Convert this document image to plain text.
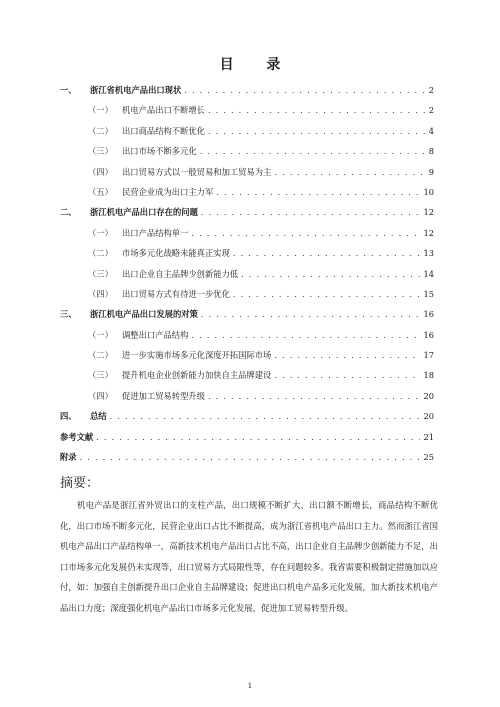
目 录
一、	浙江省机电产品出口现状 . . .	2
（一）	机电产品出口不断增长 . . .	2
（二）	出口商品结构不断优化 . . .	4
（三）	出口市场不断多元化 . . .	8
（四）	出口贸易方式以一般贸易和加工贸易为主 . . .	9
（五）	民营企业成为出口主力军 . . .	10
二、	浙江机电产品出口存在的问题 . . .	12
（一）	出口产品结构单一 . . .	12
（二）	市场多元化战略未能真正实现 . . .	13
（三）	出口企业自主品牌少创新能力低 . . .	14
（四）	出口贸易方式有待进一步优化 . . .	15
三、	浙江机电产品出口发展的对策 . . .	16
（一）	调整出口产品结构 . . .	16
（二）	进一步实施市场多元化深度开拓国际市场 . . .	17
（三）	提升机电企业创新能力加快自主品牌建设 . . .	18
（四）	促进加工贸易转型升级 . . .	20
四、	总结 . . .	20
参考文献 . . .	21
附录 . . .	25
摘要：
机电产品是浙江省外贸出口的支柱产品，出口规模不断扩大，出口额不断增长，商品结构不断优化，出口市场不断多元化，民营企业出口占比不断提高，成为浙江省机电产品出口主力。然而浙江省国机电产品出口产品结构单一，高新技术机电产品出口占比不高，出口企业自主品牌少创新能力不足，出口市场多元化发展仍未实现等，出口贸易方式局限性等，存在问题较多。我省需要积极制定措施加以应付，如：加强自主创新提升出口企业自主品牌建设；促进出口机电产品多元化发展，加大新技术机电产品出口力度；深度强化机电产品出口市场多元化发展，促进加工贸易转型升级。
1
